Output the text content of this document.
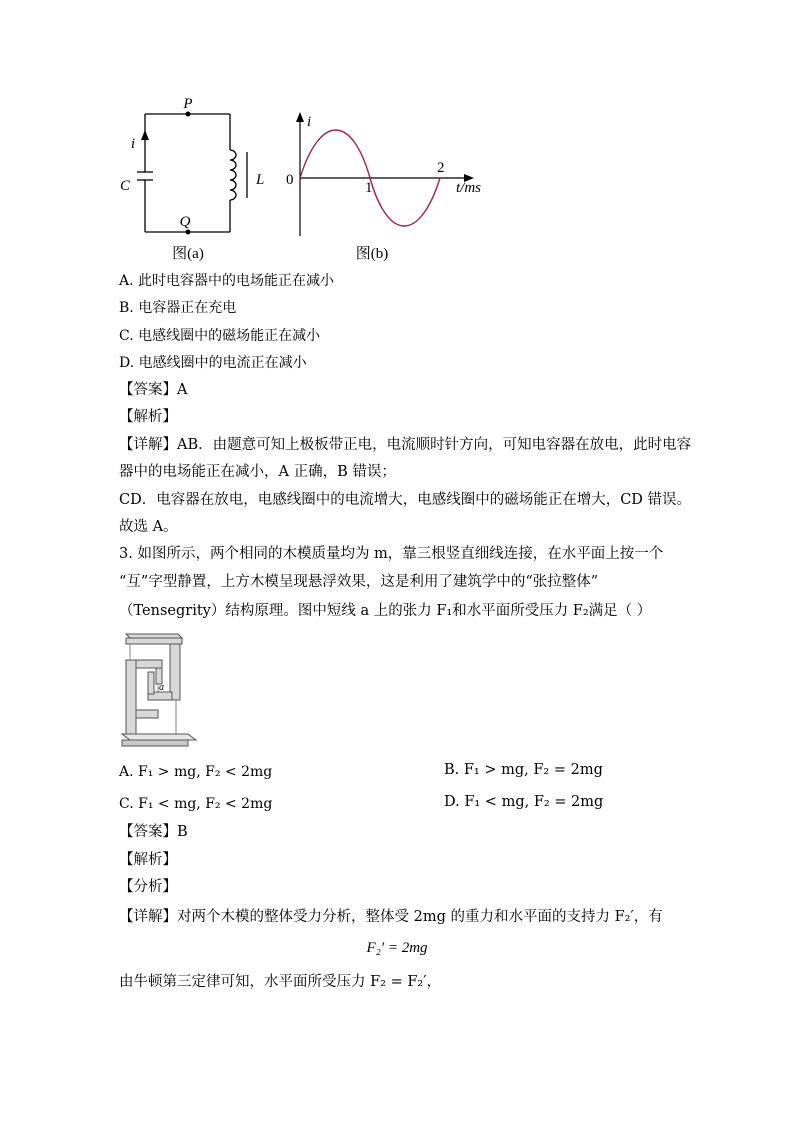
P
Q
i
C	L
图(a)
i
0	1
2
t/ms
图(b)
A. 此时电容器中的电场能正在减小
B. 电容器正在充电
C. 电感线圈中的磁场能正在减小
D. 电感线圈中的电流正在减小
【答案】A
【解析】
【详解】AB．由题意可知上极板带正电，电流顺时针方向，可知电容器在放电，此时电容
器中的电场能正在减小，A 正确，B 错误；
CD．电容器在放电，电感线圈中的电流增大，电感线圈中的磁场能正在增大，CD 错误。
故选 A。
3. 如图所示，两个相同的木模质量均为 m，靠三根竖直细线连接，在水平面上按一个
“互”字型静置，上方木模呈现悬浮效果，这是利用了建筑学中的“张拉整体”
（Tensegrity）结构原理。图中短线 a 上的张力 F₁和水平面所受压力 F₂满足（ ）
a
A. F₁ > mg, F₂ < 2mg	B. F₁ > mg, F₂ = 2mg
C. F₁ < mg, F₂ < 2mg	D. F₁ < mg, F₂ = 2mg
【答案】B
【解析】
【分析】
【详解】对两个木模的整体受力分析，整体受 2mg 的重力和水平面的支持力 F₂′，有
F₂′ = 2mg
由牛顿第三定律可知，水平面所受压力 F₂ = F₂′，
